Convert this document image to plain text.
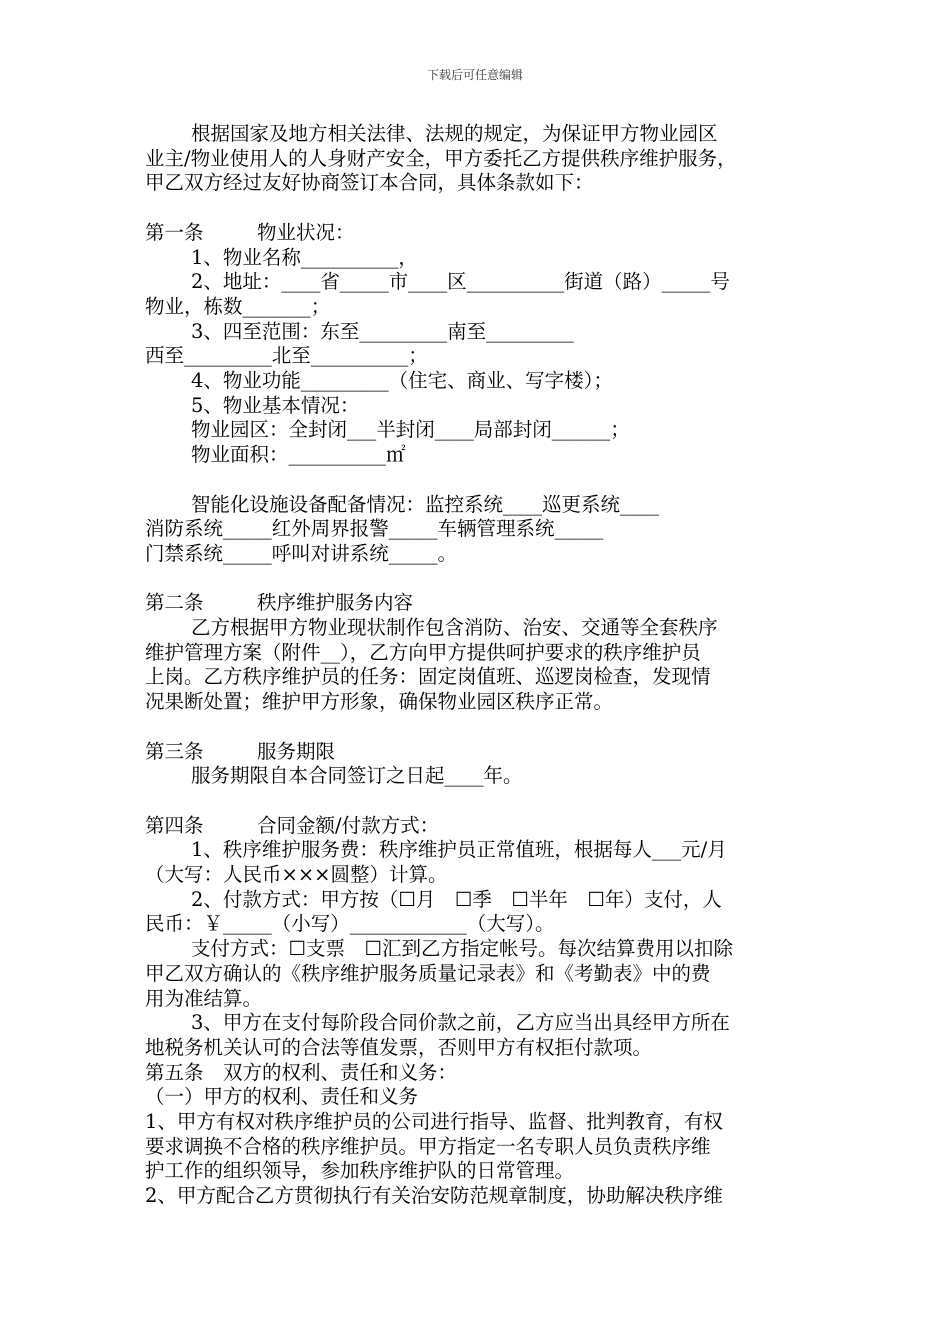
下载后可任意编辑
根据国家及地方相关法律、法规的规定，为保证甲方物业园区
业主/物业使用人的人身财产安全，甲方委托乙方提供秩序维护服务，
甲乙双方经过友好协商签订本合同，具体条款如下：
第一条	物业状况：
1、物业名称__________，
2、地址：____省_____市____区__________街道（路）_____号
物业，栋数_______；
3、四至范围：东至_________南至_________
西至_________北至__________；
4、物业功能_________（住宅、商业、写字楼）；
5、物业基本情况：
物业园区：全封闭___半封闭____局部封闭______；
物业面积：__________㎡
智能化设施设备配备情况：监控系统____巡更系统____
消防系统_____红外周界报警_____车辆管理系统_____
门禁系统_____呼叫对讲系统_____。
第二条	秩序维护服务内容
乙方根据甲方物业现状制作包含消防、治安、交通等全套秩序
维护管理方案（附件__），乙方向甲方提供呵护要求的秩序维护员
上岗。乙方秩序维护员的任务：固定岗值班、巡逻岗检查，发现情
况果断处置；维护甲方形象，确保物业园区秩序正常。
第三条	服务期限
服务期限自本合同签订之日起____年。
第四条	合同金额/付款方式：
1、秩序维护服务费：秩序维护员正常值班，根据每人___元/月
（大写：人民币×××圆整）计算。
2、付款方式：甲方按（☐月　☐季　☐半年　☐年）支付，人
民币：￥_____（小写）____________（大写）。
支付方式：☐支票　☐汇到乙方指定帐号。每次结算费用以扣除
甲乙双方确认的《秩序维护服务质量记录表》和《考勤表》中的费
用为准结算。
3、甲方在支付每阶段合同价款之前，乙方应当出具经甲方所在
地税务机关认可的合法等值发票，否则甲方有权拒付款项。
第五条　双方的权利、责任和义务：
（一）甲方的权利、责任和义务
1、甲方有权对秩序维护员的公司进行指导、监督、批判教育，有权
要求调换不合格的秩序维护员。甲方指定一名专职人员负责秩序维
护工作的组织领导，参加秩序维护队的日常管理。
2、甲方配合乙方贯彻执行有关治安防范规章制度，协助解决秩序维
